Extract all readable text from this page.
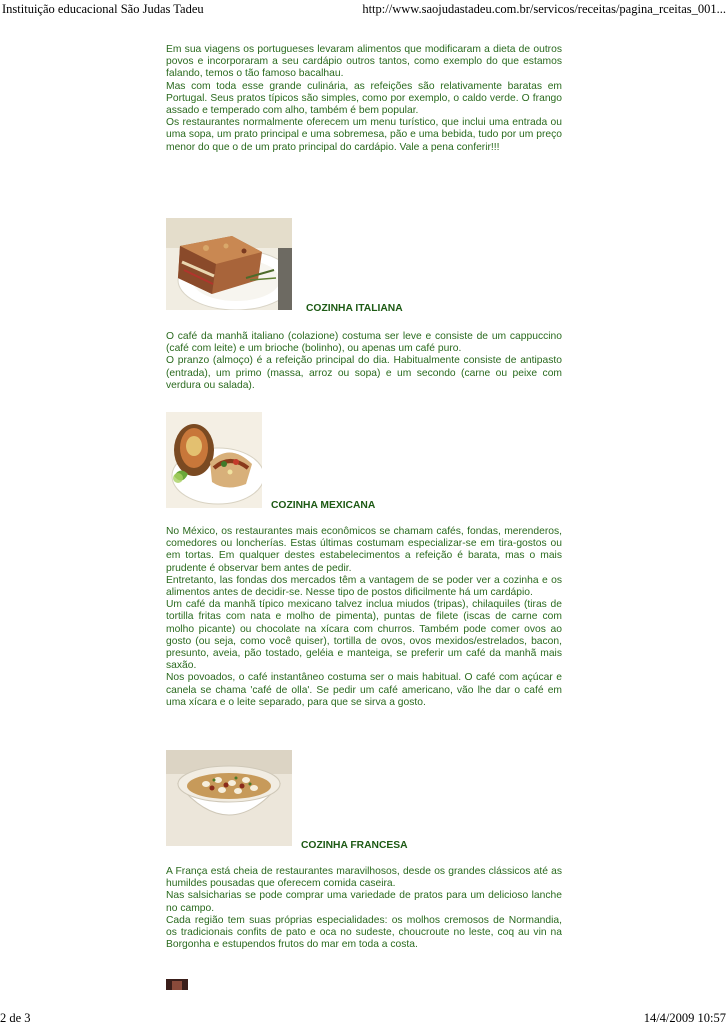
Instituição educacional São Judas Tadeu	http://www.saojudastadeu.com.br/servicos/receitas/pagina_rceitas_001...

Em sua viagens os portugueses levaram alimentos que modificaram a dieta de outros povos e incorporaram a seu cardápio outros tantos, como exemplo do que estamos falando, temos o tão famoso bacalhau.

Mas com toda esse grande culinária, as refeições são relativamente baratas em Portugal. Seus pratos típicos são simples, como por exemplo, o caldo verde. O frango assado e temperado com alho, também é bem popular.

Os restaurantes normalmente oferecem um menu turístico, que inclui uma entrada ou uma sopa, um prato principal e uma sobremesa, pão e uma bebida, tudo por um preço menor do que o de um prato principal do cardápio. Vale a pena conferir!!!

COZINHA ITALIANA

O café da manhã italiano (colazione) costuma ser leve e consiste de um cappuccino (café com leite) e um brioche (bolinho), ou apenas um café puro.

O pranzo (almoço) é a refeição principal do dia. Habitualmente consiste de antipasto (entrada), um primo (massa, arroz ou sopa) e um secondo (carne ou peixe com verdura ou salada).

COZINHA MEXICANA

No México, os restaurantes mais econômicos se chamam cafés, fondas, merenderos, comedores ou loncherías. Estas últimas costumam especializar-se em tira-gostos ou em tortas. Em qualquer destes estabelecimentos a refeição é barata, mas o mais prudente é observar bem antes de pedir.

Entretanto, las fondas dos mercados têm a vantagem de se poder ver a cozinha e os alimentos antes de decidir-se. Nesse tipo de postos dificilmente há um cardápio.

Um café da manhã típico mexicano talvez inclua miudos (tripas), chilaquiles (tiras de tortilla fritas com nata e molho de pimenta), puntas de filete (iscas de carne com molho picante) ou chocolate na xícara com churros. Também pode comer ovos ao gosto (ou seja, como você quiser), tortilla de ovos, ovos mexidos/estrelados, bacon, presunto, aveia, pão tostado, geléia e manteiga, se preferir um café da manhã mais saxão.

Nos povoados, o café instantâneo costuma ser o mais habitual. O café com açúcar e canela se chama 'café de olla'. Se pedir um café americano, vão lhe dar o café em uma xícara e o leite separado, para que se sirva a gosto.

COZINHA FRANCESA

A França está cheia de restaurantes maravilhosos, desde os grandes clássicos até as humildes pousadas que oferecem comida caseira.

Nas salsicharias se pode comprar uma variedade de pratos para um delicioso lanche no campo.

Cada região tem suas próprias especialidades: os molhos cremosos de Normandia, os tradicionais confits de pato e oca no sudeste, choucroute no leste, coq au vin na Borgonha e estupendos frutos do mar em toda a costa.

2 de 3	14/4/2009 10:57
